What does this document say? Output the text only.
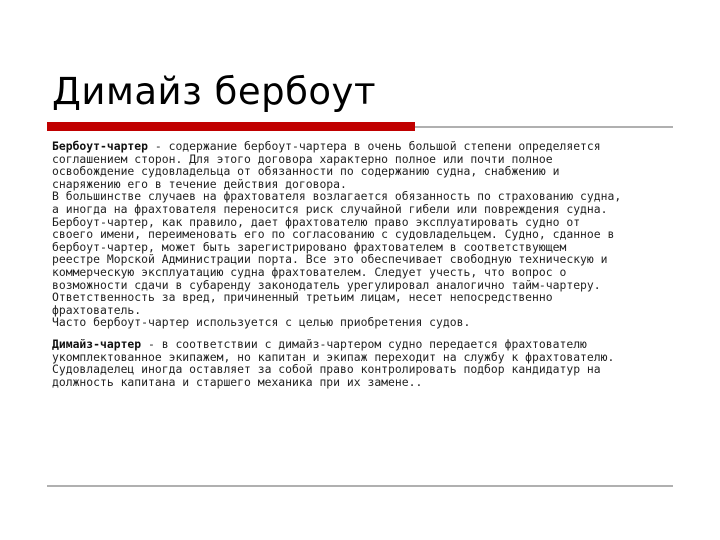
Димайз бербоут

Бербоут-чартер - содержание бербоут-чартера в очень большой степени определяется

соглашением сторон. Для этого договора характерно полное или почти полное

освобождение судовладельца от обязанности по содержанию судна, снабжению и

снаряжению его в течение действия договора.

В большинстве случаев на фрахтователя возлагается обязанность по страхованию судна,

а иногда на фрахтователя переносится риск случайной гибели или повреждения судна.

Бербоут-чартер, как правило, дает фрахтователю право эксплуатировать судно от

своего имени, переименовать его по согласованию с судовладельцем. Судно, сданное в

бербоут-чартер, может быть зарегистрировано фрахтователем в соответствующем

реестре Морской Администрации порта. Все это обеспечивает свободную техническую и

коммерческую эксплуатацию судна фрахтователем. Следует учесть, что вопрос о

возможности сдачи в субаренду законодатель урегулировал аналогично тайм-чартеру.

Ответственность за вред, причиненный третьим лицам, несет непосредственно

фрахтователь.

Часто бербоут-чартер используется с целью приобретения судов.

Димайз-чартер - в соответствии с димайз-чартером судно передается фрахтователю

укомплектованное экипажем, но капитан и экипаж переходит на службу к фрахтователю.

Судовладелец иногда оставляет за собой право контролировать подбор кандидатур на

должность капитана и старшего механика при их замене..
